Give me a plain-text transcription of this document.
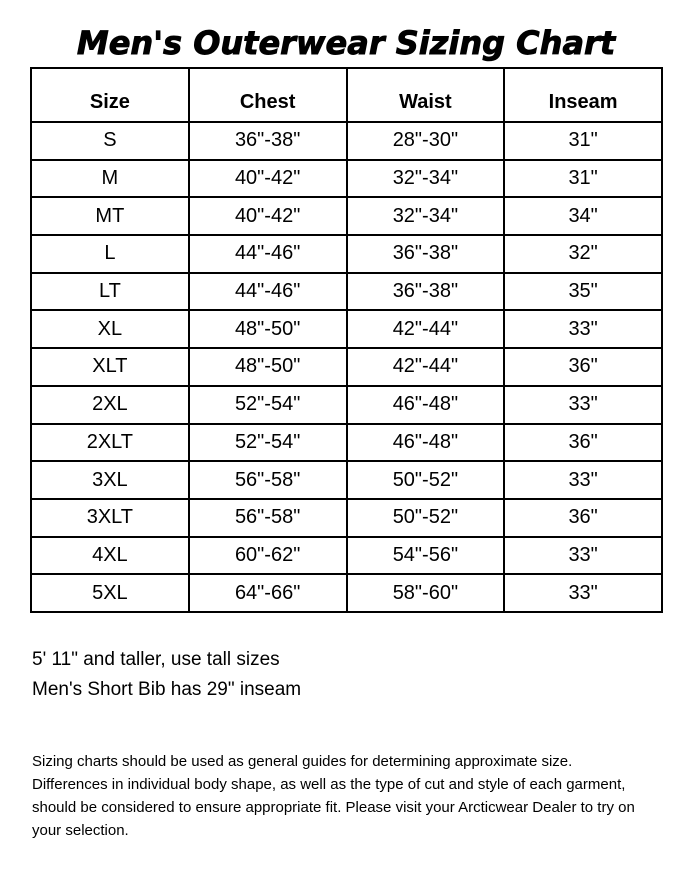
Men's Outerwear Sizing Chart
Size	Chest	Waist	Inseam
S	36"-38"	28"-30"	31"
M	40"-42"	32"-34"	31"
MT	40"-42"	32"-34"	34"
L	44"-46"	36"-38"	32"
LT	44"-46"	36"-38"	35"
XL	48"-50"	42"-44"	33"
XLT	48"-50"	42"-44"	36"
2XL	52"-54"	46"-48"	33"
2XLT	52"-54"	46"-48"	36"
3XL	56"-58"	50"-52"	33"
3XLT	56"-58"	50"-52"	36"
4XL	60"-62"	54"-56"	33"
5XL	64"-66"	58"-60"	33"
5' 11" and taller, use tall sizes
Men's Short Bib has 29" inseam
Sizing charts should be used as general guides for determining approximate size.
Differences in individual body shape, as well as the type of cut and style of each garment,
should be considered to ensure appropriate fit. Please visit your Arcticwear Dealer to try on
your selection.
